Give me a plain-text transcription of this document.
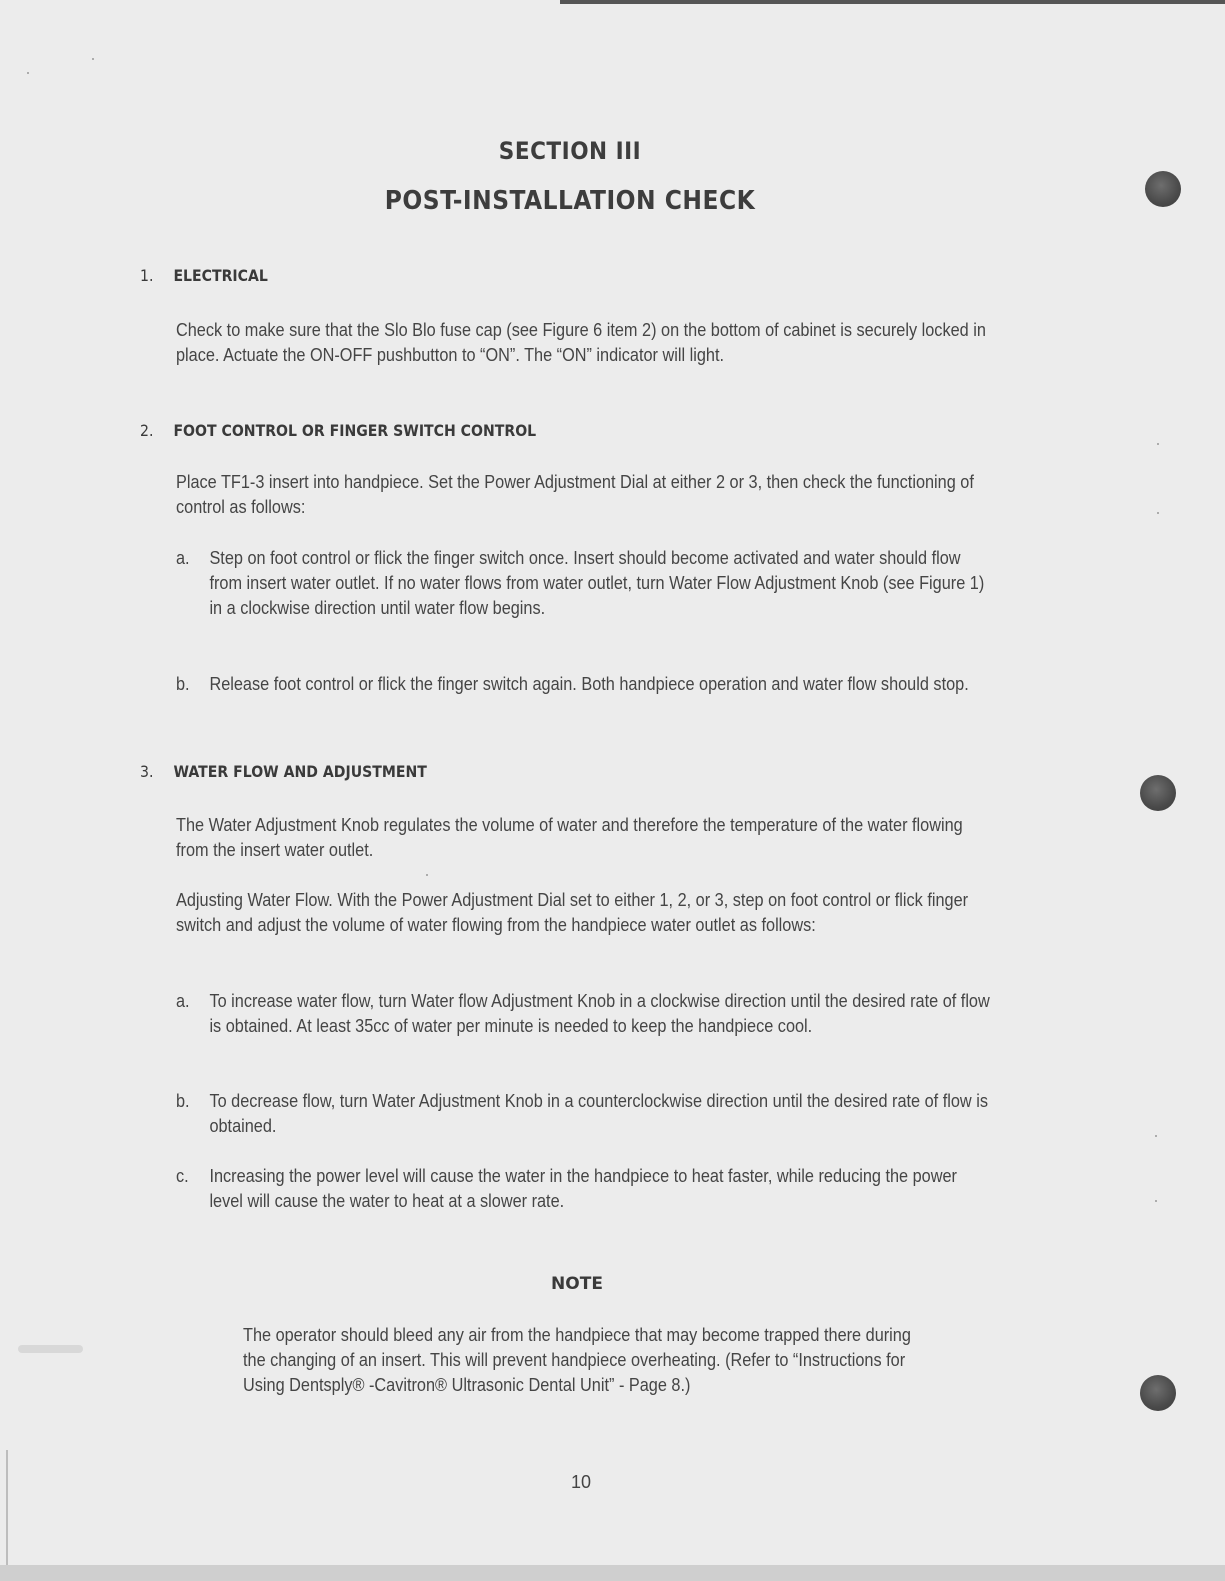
SECTION III
POST-INSTALLATION CHECK
1. ELECTRICAL
Check to make sure that the Slo Blo fuse cap (see Figure 6 item 2) on the bottom of cabinet is securely locked in place. Actuate the ON-OFF pushbutton to “ON”. The “ON” indicator will light.
2. FOOT CONTROL OR FINGER SWITCH CONTROL
Place TF1-3 insert into handpiece. Set the Power Adjustment Dial at either 2 or 3, then check the functioning of control as follows:
a. Step on foot control or flick the finger switch once. Insert should become activated and water should flow from insert water outlet. If no water flows from water outlet, turn Water Flow Adjustment Knob (see Figure 1) in a clockwise direction until water flow begins.
b. Release foot control or flick the finger switch again. Both handpiece operation and water flow should stop.
3. WATER FLOW AND ADJUSTMENT
The Water Adjustment Knob regulates the volume of water and therefore the temperature of the water flowing from the insert water outlet.
Adjusting Water Flow. With the Power Adjustment Dial set to either 1, 2, or 3, step on foot control or flick finger switch and adjust the volume of water flowing from the handpiece water outlet as follows:
a. To increase water flow, turn Water flow Adjustment Knob in a clockwise direction until the desired rate of flow is obtained. At least 35cc of water per minute is needed to keep the handpiece cool.
b. To decrease flow, turn Water Adjustment Knob in a counterclockwise direction until the desired rate of flow is obtained.
c. Increasing the power level will cause the water in the handpiece to heat faster, while reducing the power level will cause the water to heat at a slower rate.
NOTE
The operator should bleed any air from the handpiece that may become trapped there during the changing of an insert. This will prevent handpiece overheating. (Refer to “Instructions for Using Dentsply® -Cavitron® Ultrasonic Dental Unit” - Page 8.)
10
